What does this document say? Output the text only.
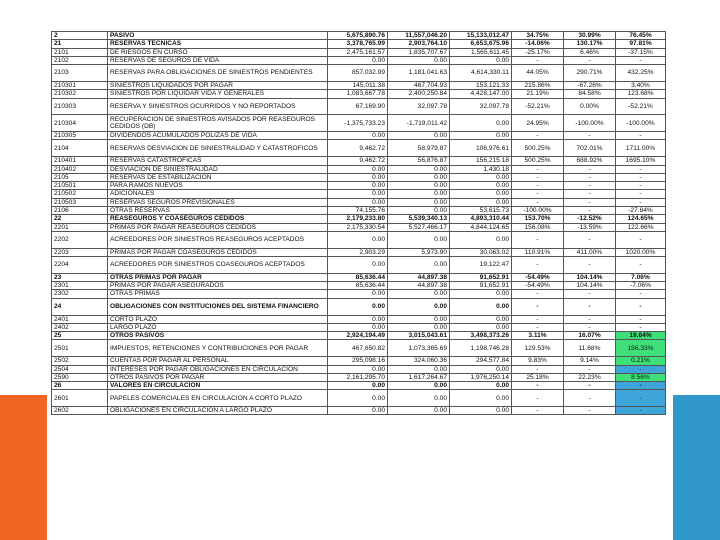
2	PASIVO	5,675,890.76	11,557,046.20	15,133,012.47	34.75%	30.99%	76.45%
21	RESERVAS TECNICAS	3,378,765.99	2,903,764.10	6,653,675.96	-14.06%	130.17%	97.81%
2101	DE RIESGOS EN CURSO	2,475,161.57	1,835,707.67	1,565,611.45	-25.17%	6.46%	-37.15%
2102	RESERVAS DE SEGUROS DE VIDA	0.00	0.00	0.00	-	-	-
2103	RESERVAS PARA OBLIGACIONES DE SINIESTROS PENDIENTES	857,032.99	1,181,041.63	4,614,330.11	44.05%	290.71%	432.25%
210301	SINIESTROS LIQUIDADOS POR PAGAR	145,011.38	467,704.93	153,121.33	215.86%	-67.26%	3.40%
210302	SINIESTROS POR LIQUIDAR VIDA Y GENERALES	1,083,667.78	2,400,250.84	4,428,147.00	21.19%	84.58%	123.68%
210303	RESERVA Y SINIESTROS OCURRIDOS Y NO REPORTADOS	67,169.90	32,097.78	32,097.78	-52.21%	0.00%	-52.21%
210304	RECUPERACION DE SINIESTROS AVISADOS POR REASEGUROS CEDIDOS (DB)	-1,375,733.23	-1,719,011.42	0.00	24.95%	-100.00%	-100.00%
210305	DIVIDENDOS ACUMULADOS POLIZAS DE VIDA	0.00	0.00	0.00	-	-	-
2104	RESERVAS DESVIACION DE SINIESTRALIDAD Y CATASTROFICOS	9,462.72	58,979.87	106,976.61	500.25%	702.01%	1711.00%
210401	RESERVAS CATASTROFICAS	9,462.72	56,876.87	156,215.18	500.25%	688.92%	1695.10%
210402	DESVIACION DE SINIESTRALIDAD	0.00	0.00	1,430.18	-	-	-
2105	RESERVAS DE ESTABILIZACIÓN	0.00	0.00	0.00	-	-	-
210501	PARA RAMOS NUEVOS	0.00	0.00	0.00	-	-	-
210502	ADICIONALES	0.00	0.00	0.00	-	-	-
210503	RESERVAS SEGUROS PREVISIONALES	0.00	0.00	0.00	-	-	-
2106	OTRAS RESERVAS	74,155.76	0.00	53,615.73	-100.00%	-	-27.84%
22	REASEGUROS Y COASEGUROS CEDIDOS	2,179,233.80	5,539,340.13	4,893,310.44	153.70%	-12.52%	124.65%
2201	PRIMAS POR PAGAR REASEGUROS CEDIDOS	2,175,330.54	5,527,466.17	4,844,124.65	156.08%	-13.59%	122.66%
2202	ACREEDORES POR SINIESTROS REASEGUROS ACEPTADOS	0.00	0.00	0.00	-	-	-
2203	PRIMAS POR PAGAR COASEGUROS CEDIDOS	2,903.29	5,973.90	30,063.02	110.91%	411.00%	1020.00%
2204	ACREEDORES POR SINIESTROS COASEGUROS ACEPTADOS	0.00	0.00	19,122.47	-	-	-
23	OTRAS PRIMAS POR PAGAR	85,636.44	44,897.38	91,652.91	-54.49%	104.14%	7.06%
2301	PRIMAS POR PAGAR ASEGURADOS	85,636.44	44,897.38	91,652.91	-54.49%	104.14%	-7.06%
2302	OTRAS PRIMAS	0.00	0.00	0.00	-	-	-
24	OBLIGACIONES CON INSTITUCIONES DEL SISTEMA FINANCIERO	0.00	0.00	0.00	-	-	-
2401	CORTO PLAZO	0.00	0.00	0.00	-	-	-
2402	LARGO PLAZO	0.00	0.00	0.00	-	-	-
25	OTROS PASIVOS	2,924,194.49	3,015,043.61	3,498,373.26	3.11%	16.07%	19.64%
2501	IMPUESTOS, RETENCIONES Y CONTRIBUCIONES POR PAGAR	467,650.82	1,073,365.69	1,198,746.28	129.53%	11.68%	156.33%
2502	CUENTAS POR PAGAR AL PERSONAL	295,098.16	324,060.36	294,577.84	9.83%	9.14%	0.21%
2504	INTERESES POR PAGAR OBLIGACIONES EN CIRCULACION	0.00	0.00	0.00	-	-	-
2590	OTROS PASIVOS POR PAGAR	2,161,295.70	1,617,264.67	1,976,250.14	25.18%	22.23%	8.56%
26	VALORES EN CIRCULACION	0.00	0.00	0.00	-	-	-
2601	PAPELES COMERCIALES EN CIRCULACION A CORTO PLAZO	0.00	0.00	0.00	-	-	-
2602	OBLIGACIONES EN CIRCULACION A LARGO PLAZO	0.00	0.00	0.00	-	-	-
